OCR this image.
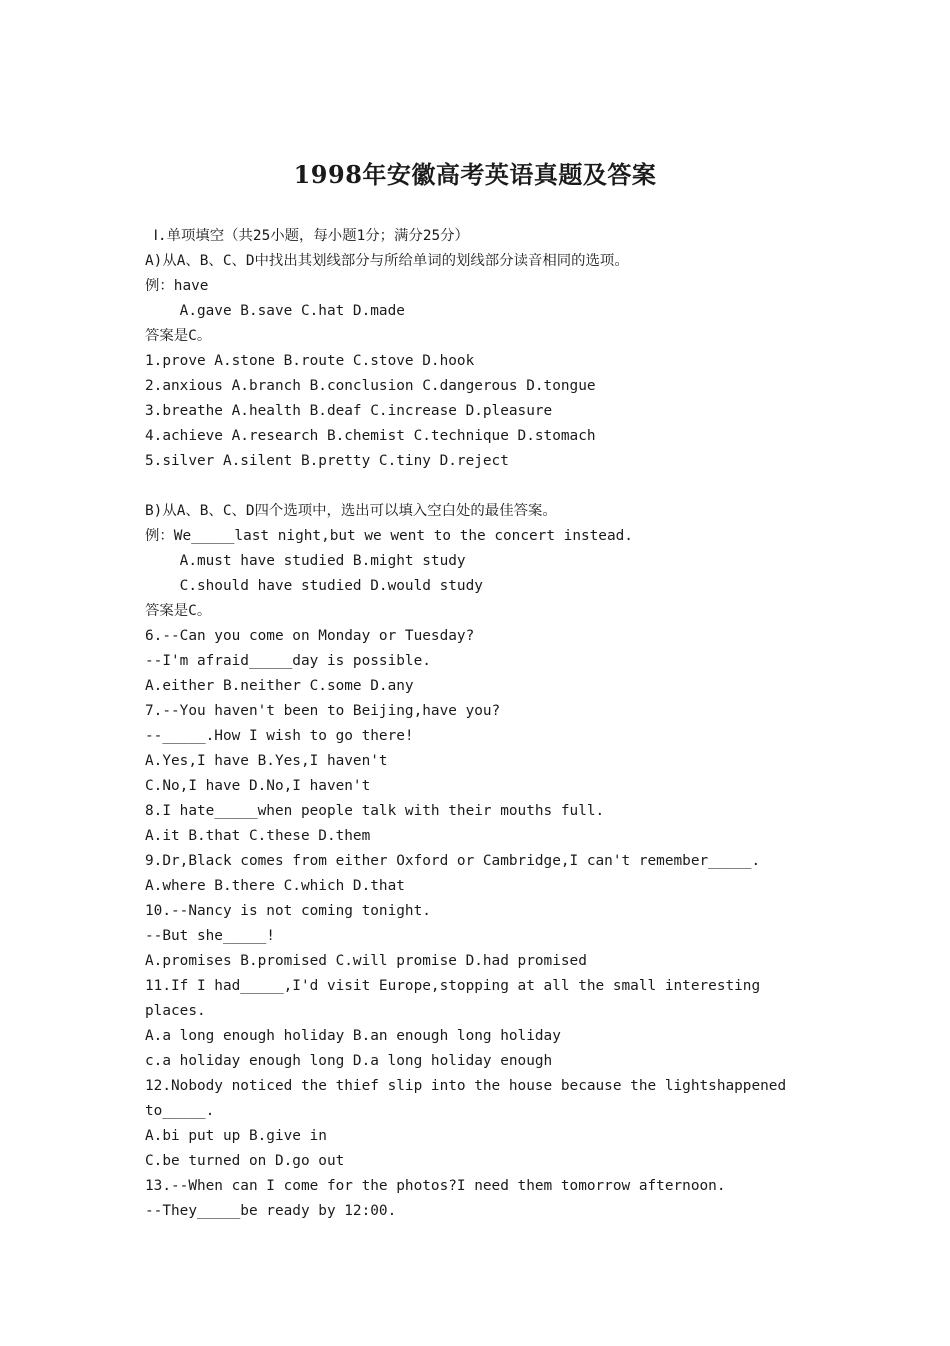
1998年安徽高考英语真题及答案
Ⅰ.单项填空（共25小题，每小题1分；满分25分）
A)从A、B、C、D中找出其划线部分与所给单词的划线部分读音相同的选项。
例：have
A.gave B.save C.hat D.made
答案是C。
1.prove A.stone B.route C.stove D.hook
2.anxious A.branch B.conclusion C.dangerous D.tongue
3.breathe A.health B.deaf C.increase D.pleasure
4.achieve A.research B.chemist C.technique D.stomach
5.silver A.silent B.pretty C.tiny D.reject
B)从A、B、C、D四个选项中，选出可以填入空白处的最佳答案。
例：We_____last night,but we went to the concert instead.
A.must have studied B.might study
C.should have studied D.would study
答案是C。
6.--Can you come on Monday or Tuesday?
--I'm afraid_____day is possible.
A.either B.neither C.some D.any
7.--You haven't been to Beijing,have you?
--_____.How I wish to go there!
A.Yes,I have B.Yes,I haven't
C.No,I have D.No,I haven't
8.I hate_____when people talk with their mouths full.
A.it B.that C.these D.them
9.Dr,Black comes from either Oxford or Cambridge,I can't remember_____.
A.where B.there C.which D.that
10.--Nancy is not coming tonight.
--But she_____!
A.promises B.promised C.will promise D.had promised
11.If I had_____,I'd visit Europe,stopping at all the small interesting
places.
A.a long enough holiday B.an enough long holiday
c.a holiday enough long D.a long holiday enough
12.Nobody noticed the thief slip into the house because the lightshappened
to_____.
A.bi put up B.give in
C.be turned on D.go out
13.--When can I come for the photos?I need them tomorrow afternoon.
--They_____be ready by 12:00.
